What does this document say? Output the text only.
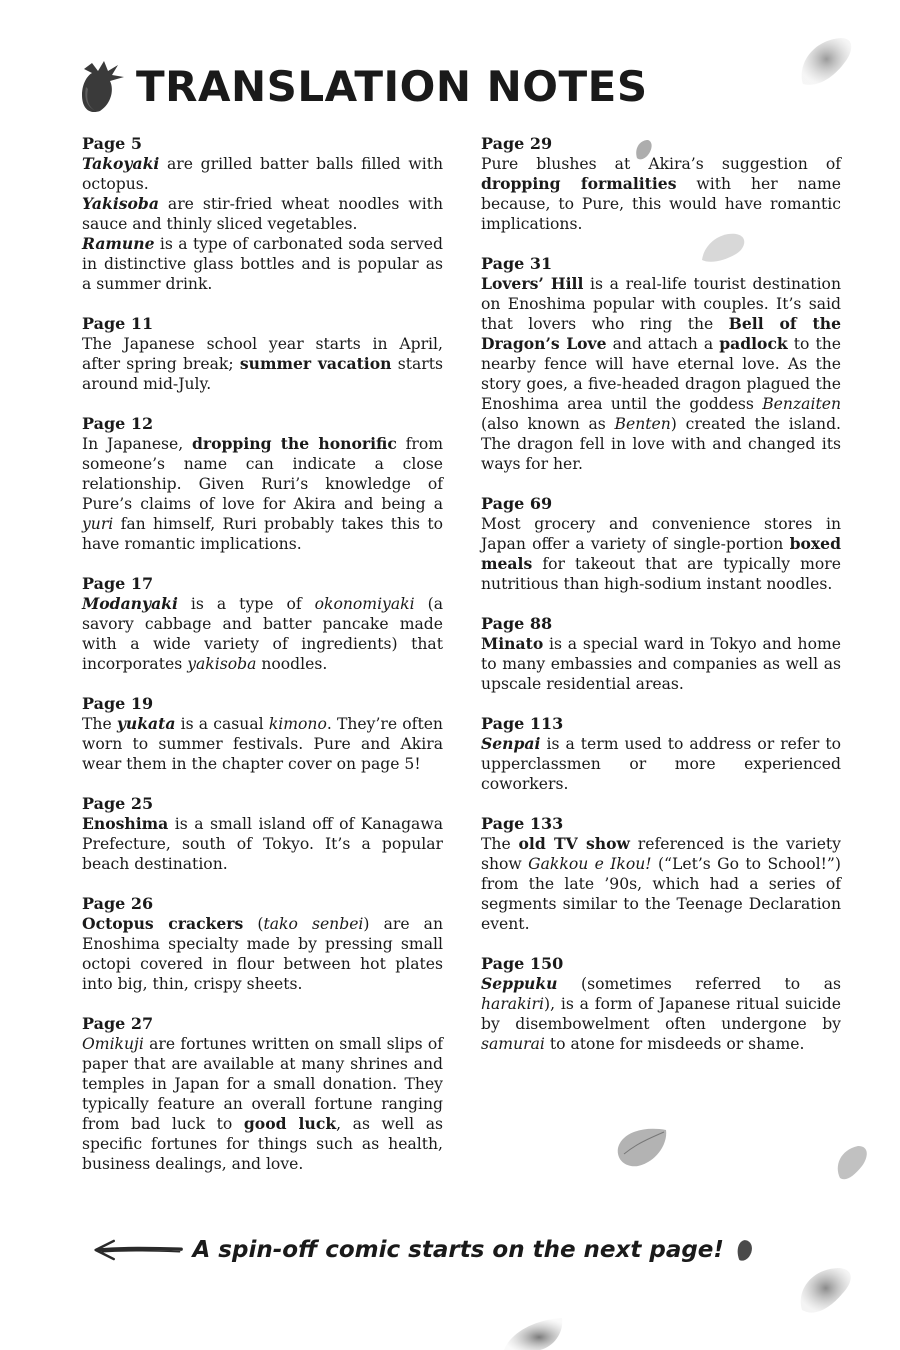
TRANSLATION NOTES
Page 5
Takoyaki are grilled batter balls filled with octopus.
Yakisoba are stir-fried wheat noodles with sauce and thinly sliced vegetables.
Ramune is a type of carbonated soda served in distinctive glass bottles and is popular as a summer drink.
Page 11
The Japanese school year starts in April, after spring break; summer vacation starts around mid-July.
Page 12
In Japanese, dropping the honorific from someone’s name can indicate a close relationship. Given Ruri’s knowledge of Pure’s claims of love for Akira and being a yuri fan himself, Ruri probably takes this to have romantic implications.
Page 17
Modanyaki is a type of okonomiyaki (a savory cabbage and batter pancake made with a wide variety of ingredients) that incorporates yakisoba noodles.
Page 19
The yukata is a casual kimono. They’re often worn to summer festivals. Pure and Akira wear them in the chapter cover on page 5!
Page 25
Enoshima is a small island off of Kanagawa Prefecture, south of Tokyo. It’s a popular beach destination.
Page 26
Octopus crackers (tako senbei) are an Enoshima specialty made by pressing small octopi covered in flour between hot plates into big, thin, crispy sheets.
Page 27
Omikuji are fortunes written on small slips of paper that are available at many shrines and temples in Japan for a small donation. They typically feature an overall fortune ranging from bad luck to good luck, as well as specific fortunes for things such as health, business dealings, and love.
Page 29
Pure blushes at Akira’s suggestion of dropping formalities with her name because, to Pure, this would have romantic implications.
Page 31
Lovers’ Hill is a real-life tourist destination on Enoshima popular with couples. It’s said that lovers who ring the Bell of the Dragon’s Love and attach a padlock to the nearby fence will have eternal love. As the story goes, a five-headed dragon plagued the Enoshima area until the goddess Benzaiten (also known as Benten) created the island. The dragon fell in love with and changed its ways for her.
Page 69
Most grocery and convenience stores in Japan offer a variety of single-portion boxed meals for takeout that are typically more nutritious than high-sodium instant noodles.
Page 88
Minato is a special ward in Tokyo and home to many embassies and companies as well as upscale residential areas.
Page 113
Senpai is a term used to address or refer to upperclassmen or more experienced coworkers.
Page 133
The old TV show referenced is the variety show Gakkou e Ikou! (“Let’s Go to School!”) from the late ’90s, which had a series of segments similar to the Teenage Declaration event.
Page 150
Seppuku (sometimes referred to as harakiri), is a form of Japanese ritual suicide by disembowelment often undergone by samurai to atone for misdeeds or shame.
A spin-off comic starts on the next page!
